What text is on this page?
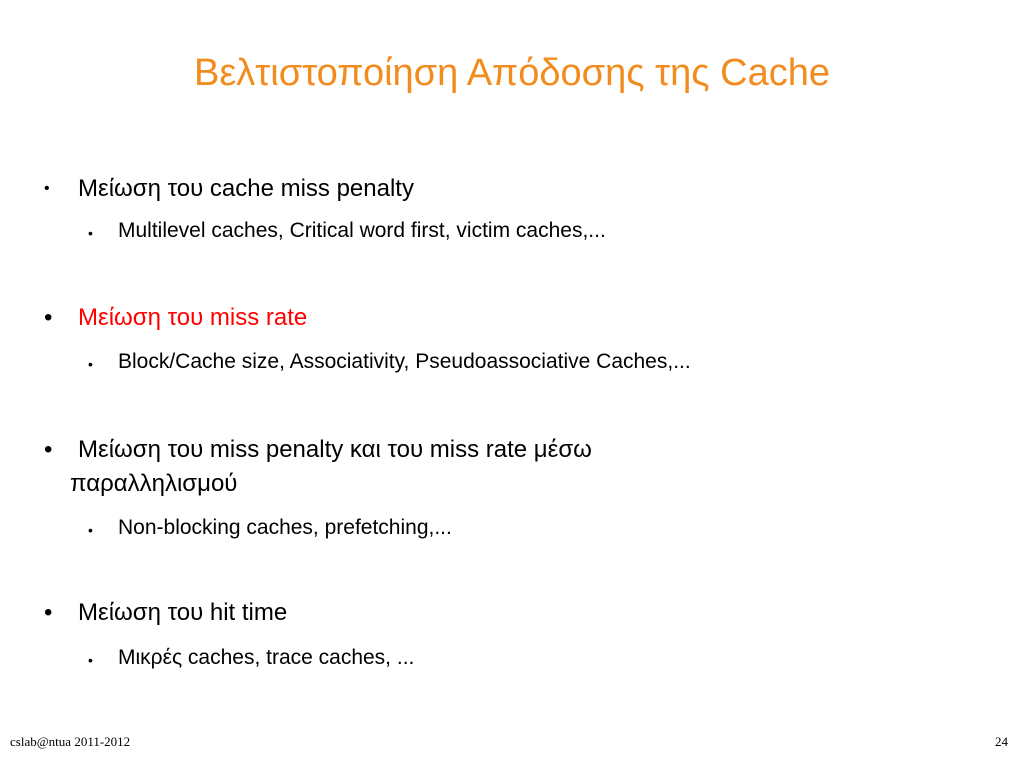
Βελτιστοποίηση Απόδοσης της Cache
•	Μείωση του cache miss penalty
• Multilevel caches, Critical word first, victim caches,...
•	Μείωση του miss rate
• Block/Cache size, Associativity, Pseudoassociative Caches,...
•	Μείωση του miss penalty και του miss rate μέσω
παραλληλισμού
• Non-blocking caches, prefetching,...
•	Μείωση του hit time
• Μικρές caches, trace caches, ...
cslab@ntua 2011-2012	24
